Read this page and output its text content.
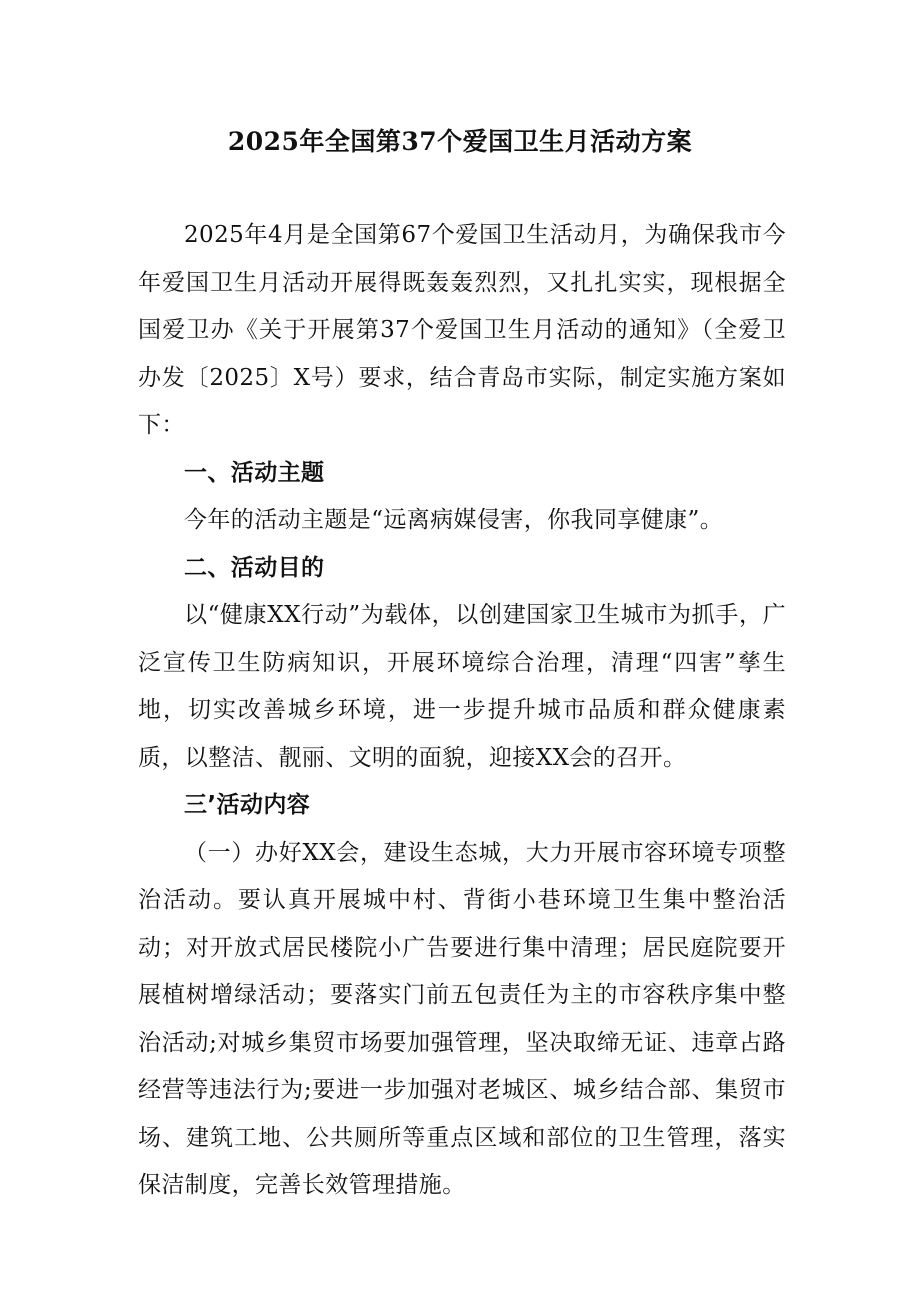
2025年全国第37个爱国卫生月活动方案

2025年4月是全国第67个爱国卫生活动月，为确保我市今年爱国卫生月活动开展得既轰轰烈烈，又扎扎实实，现根据全国爱卫办《关于开展第37个爱国卫生月活动的通知》（全爱卫办发〔2025〕X号）要求，结合青岛市实际，制定实施方案如下：

一、活动主题

今年的活动主题是“远离病媒侵害，你我同享健康”。

二、活动目的

以“健康XX行动”为载体，以创建国家卫生城市为抓手，广泛宣传卫生防病知识，开展环境综合治理，清理“四害”孳生地，切实改善城乡环境，进一步提升城市品质和群众健康素质，以整洁、靓丽、文明的面貌，迎接XX会的召开。

三’活动内容

（一）办好XX会，建设生态城，大力开展市容环境专项整治活动。要认真开展城中村、背街小巷环境卫生集中整治活动；对开放式居民楼院小广告要进行集中清理；居民庭院要开展植树增绿活动；要落实门前五包责任为主的市容秩序集中整治活动;对城乡集贸市场要加强管理，坚决取缔无证、违章占路经营等违法行为;要进一步加强对老城区、城乡结合部、集贸市场、建筑工地、公共厕所等重点区域和部位的卫生管理，落实保洁制度，完善长效管理措施。
